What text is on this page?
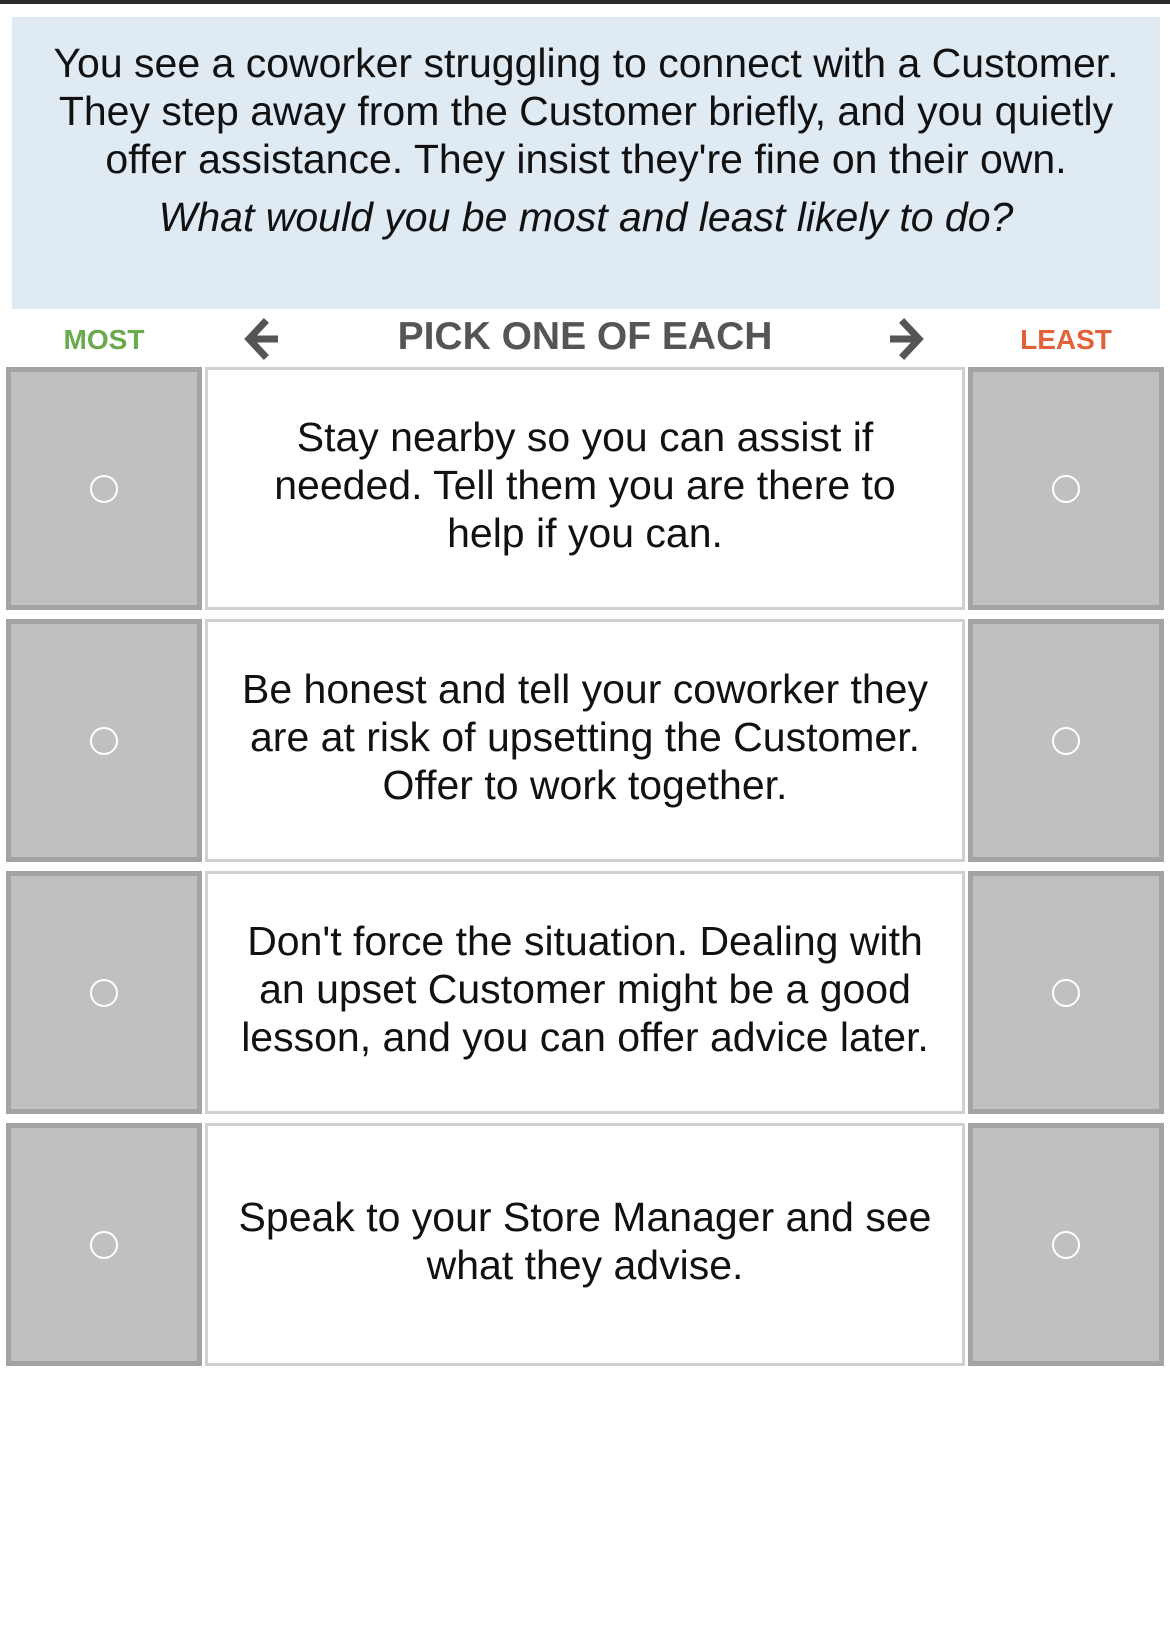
You see a coworker struggling to connect with a Customer. They step away from the Customer briefly, and you quietly offer assistance. They insist they're fine on their own.

What would you be most and least likely to do?

MOST	PICK ONE OF EACH	LEAST
Stay nearby so you can assist if needed. Tell them you are there to help if you can.
Be honest and tell your coworker they are at risk of upsetting the Customer. Offer to work together.
Don't force the situation. Dealing with an upset Customer might be a good lesson, and you can offer advice later.
Speak to your Store Manager and see what they advise.
